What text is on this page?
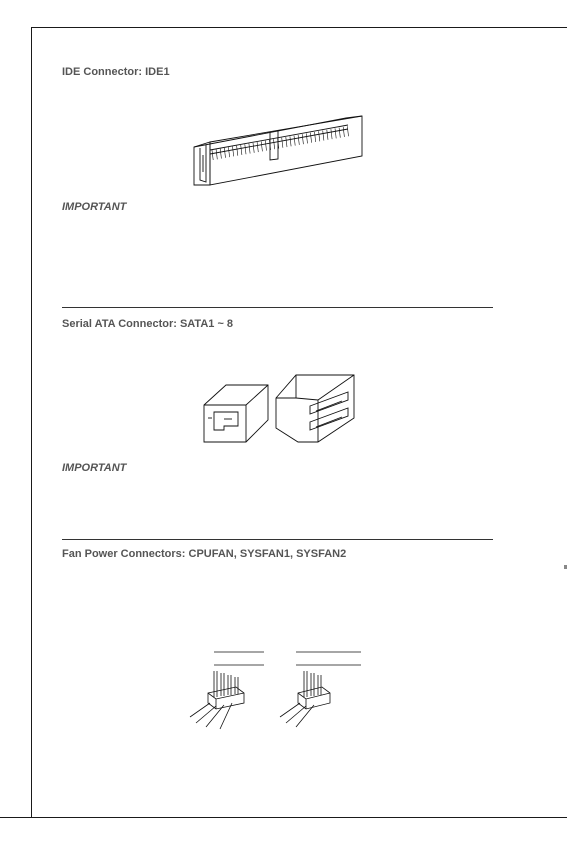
IDE Connector: IDE1
IMPORTANT
Serial ATA Connector: SATA1 ~ 8
IMPORTANT
Fan Power Connectors: CPUFAN, SYSFAN1, SYSFAN2
